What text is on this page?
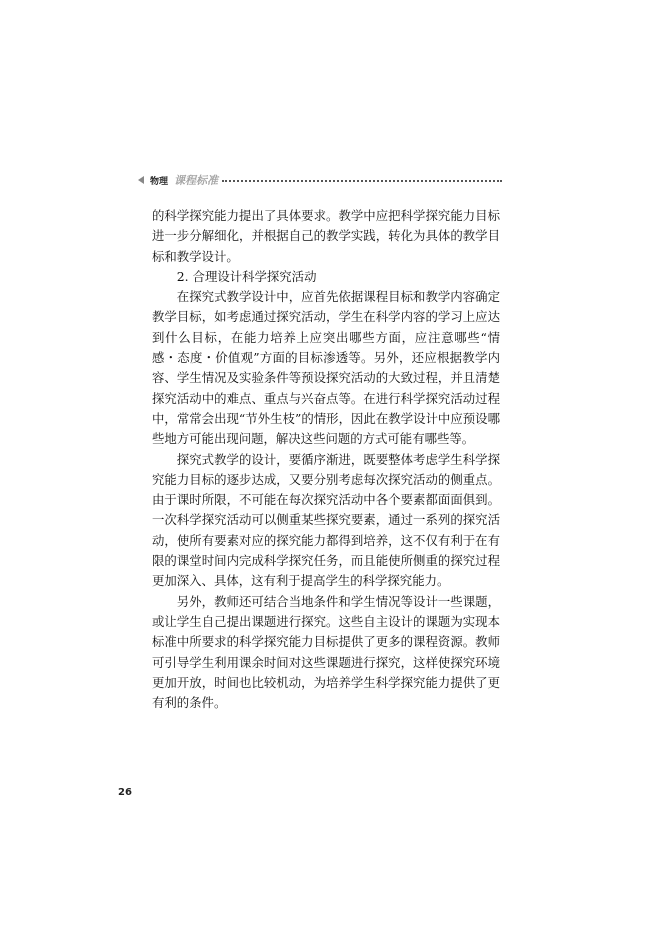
物理 课程标准

的科学探究能力提出了具体要求。教学中应把科学探究能力目标进一步分解细化，并根据自己的教学实践，转化为具体的教学目标和教学设计。

2. 合理设计科学探究活动

在探究式教学设计中，应首先依据课程目标和教学内容确定教学目标，如考虑通过探究活动，学生在科学内容的学习上应达到什么目标，在能力培养上应突出哪些方面，应注意哪些“情感・态度・价值观”方面的目标渗透等。另外，还应根据教学内容、学生情况及实验条件等预设探究活动的大致过程，并且清楚探究活动中的难点、重点与兴奋点等。在进行科学探究活动过程中，常常会出现“节外生枝”的情形，因此在教学设计中应预设哪些地方可能出现问题，解决这些问题的方式可能有哪些等。

探究式教学的设计，要循序渐进，既要整体考虑学生科学探究能力目标的逐步达成，又要分别考虑每次探究活动的侧重点。由于课时所限，不可能在每次探究活动中各个要素都面面俱到。一次科学探究活动可以侧重某些探究要素，通过一系列的探究活动，使所有要素对应的探究能力都得到培养，这不仅有利于在有限的课堂时间内完成科学探究任务，而且能使所侧重的探究过程更加深入、具体，这有利于提高学生的科学探究能力。

另外，教师还可结合当地条件和学生情况等设计一些课题，或让学生自己提出课题进行探究。这些自主设计的课题为实现本标准中所要求的科学探究能力目标提供了更多的课程资源。教师可引导学生利用课余时间对这些课题进行探究，这样使探究环境更加开放，时间也比较机动，为培养学生科学探究能力提供了更有利的条件。

26
